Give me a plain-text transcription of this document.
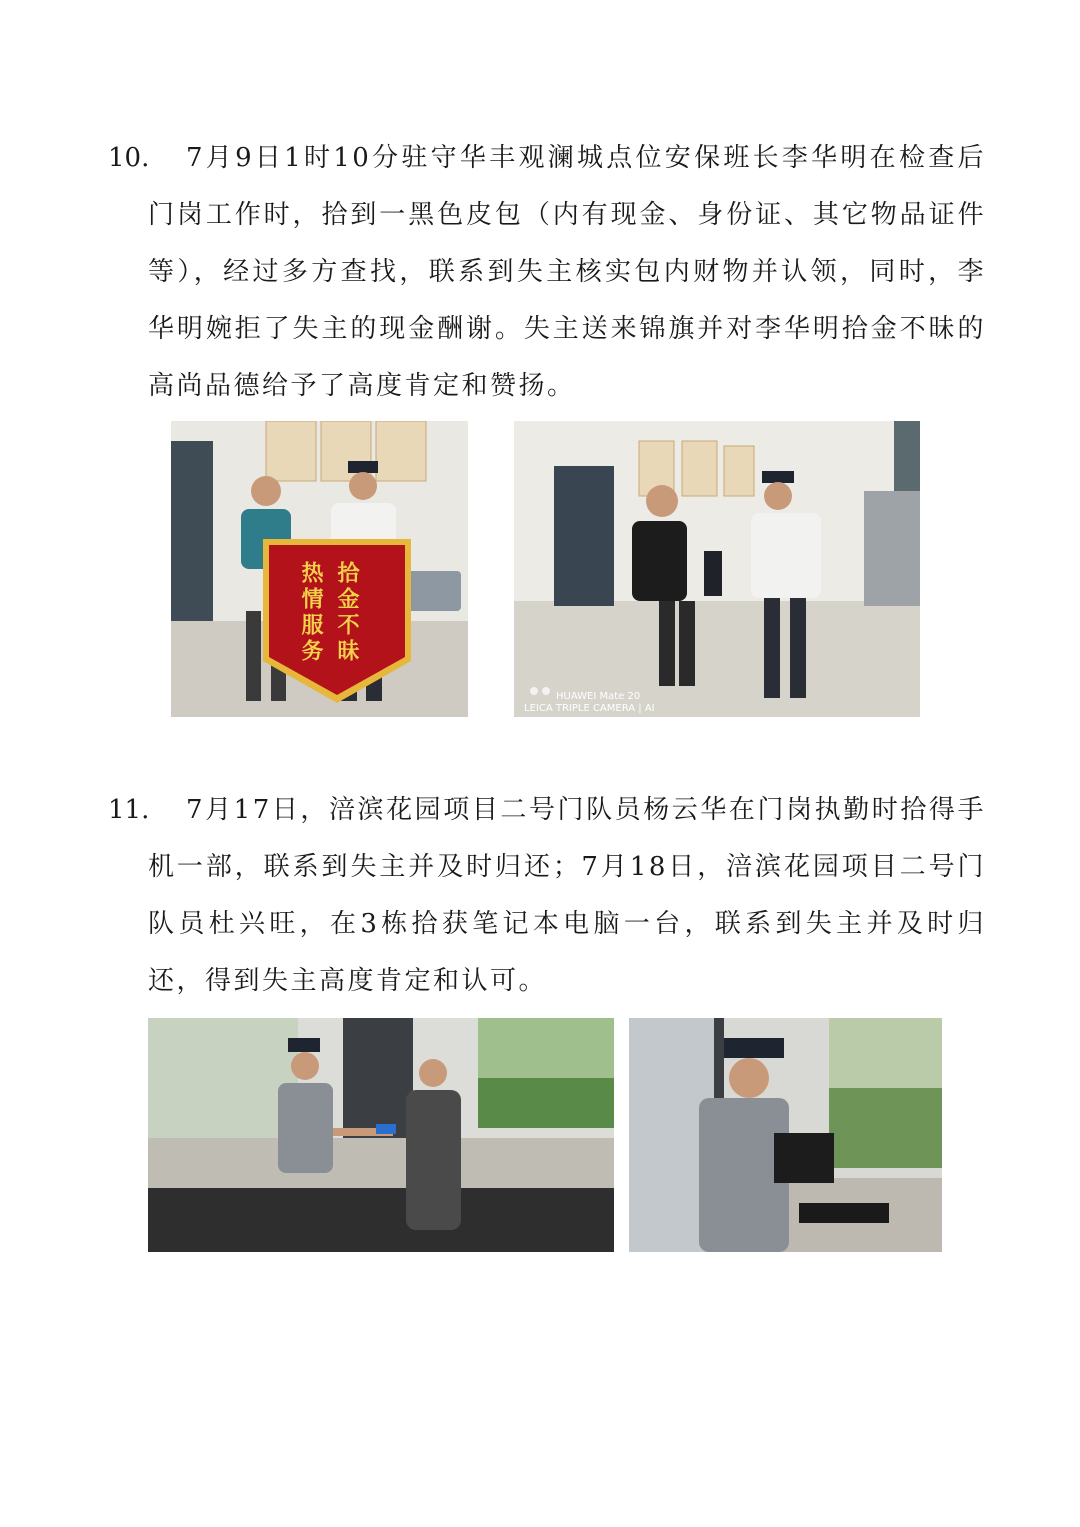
10.	7月9日1时10分驻守华丰观澜城点位安保班长李华明在检查后门岗工作时，拾到一黑色皮包（内有现金、身份证、其它物品证件等），经过多方查找，联系到失主核实包内财物并认领，同时，李华明婉拒了失主的现金酬谢。失主送来锦旗并对李华明拾金不昧的高尚品德给予了高度肯定和赞扬。
拾金不昧
热情服务
HUAWEI Mate 20
LEICA TRIPLE CAMERA | AI
11.	7月17日，涪滨花园项目二号门队员杨云华在门岗执勤时拾得手机一部，联系到失主并及时归还；7月18日，涪滨花园项目二号门队员杜兴旺，在3栋拾获笔记本电脑一台，联系到失主并及时归还，得到失主高度肯定和认可。
